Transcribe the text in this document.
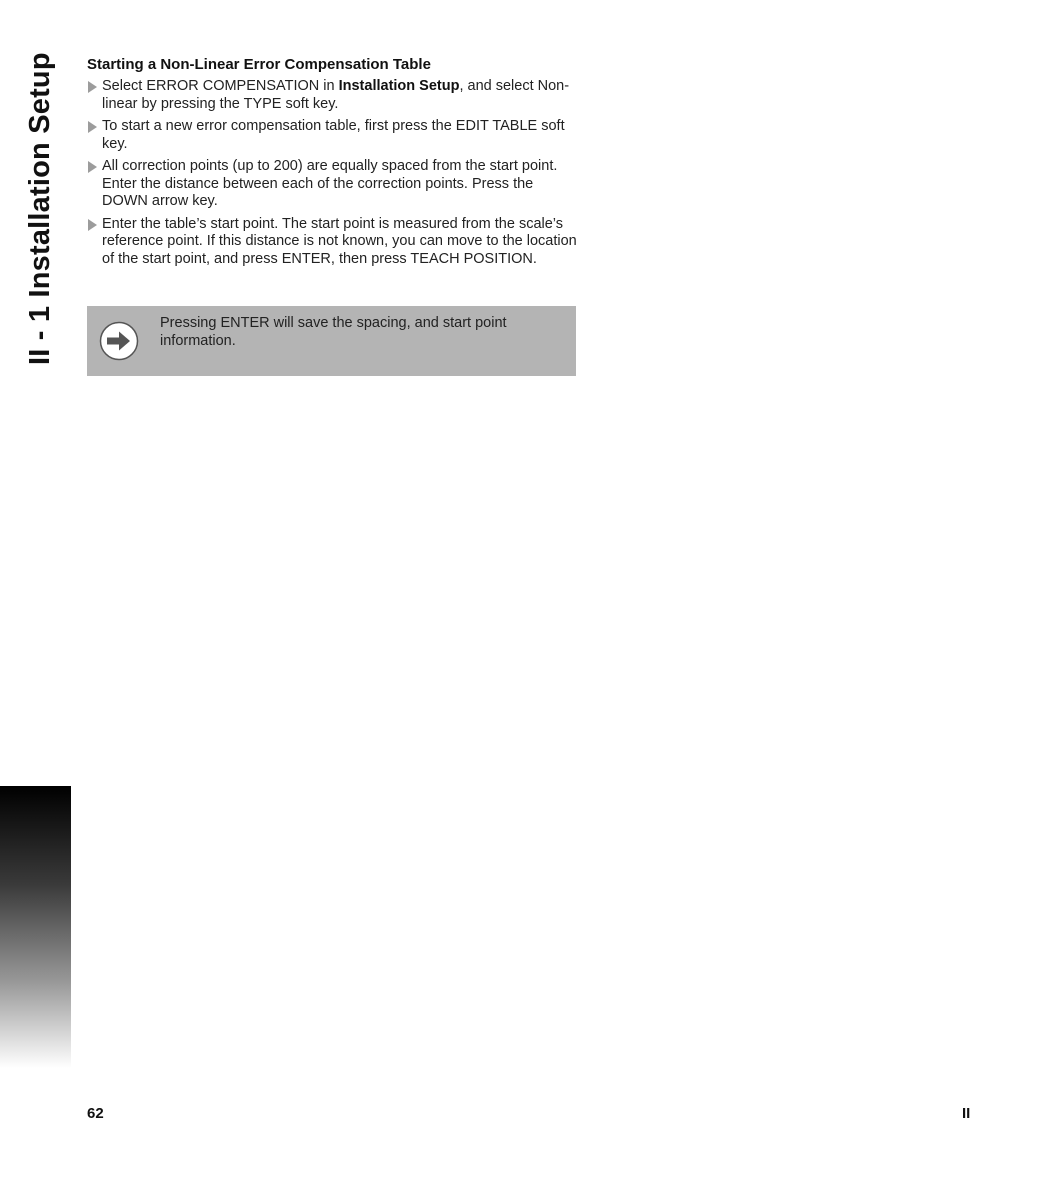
II - 1 Installation Setup	Starting a Non-Linear Error Compensation Table
Select ERROR COMPENSATION in Installation Setup, and select Non-linear by pressing the TYPE soft key.
To start a new error compensation table, first press the EDIT TABLE soft key.
All correction points (up to 200) are equally spaced from the start point. Enter the distance between each of the correction points. Press the DOWN arrow key.
Enter the table’s start point. The start point is measured from the scale’s reference point. If this distance is not known, you can move to the location of the start point, and press ENTER, then press TEACH POSITION.
Pressing ENTER will save the spacing, and start point information.
62	II
